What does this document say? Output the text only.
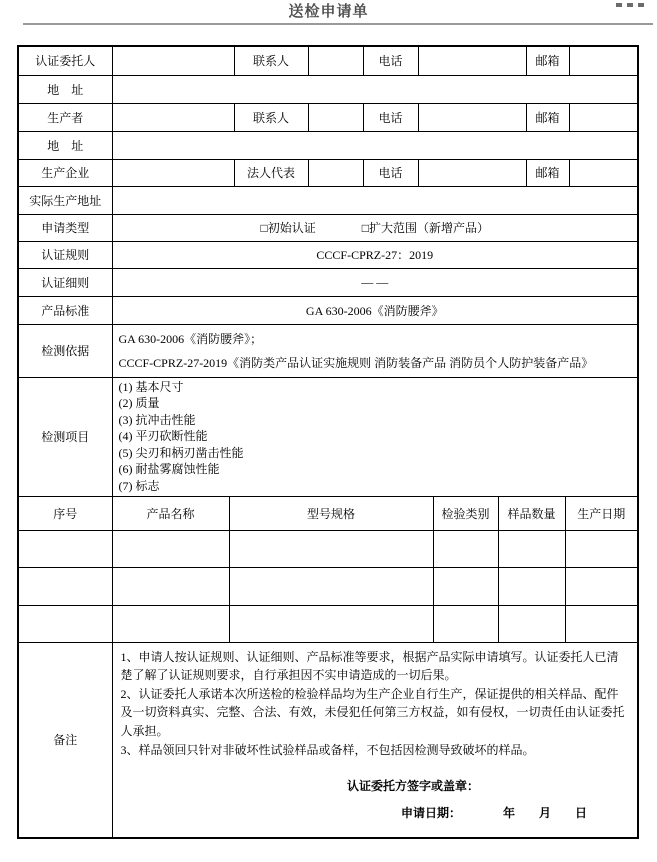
送检申请单
认证委托人			联系人		电话				邮箱		
地　址											
生产者			联系人		电话				邮箱		
地　址											
生产企业			法人代表		电话				邮箱		
实际生产地址											
申请类型	□初始认证 □扩大范围（新增产品）										

认证规则	CCCF-CPRZ-27：2019										
认证细则	— —										
产品标准	GA 630-2006《消防腰斧》										
检测依据	GA 630-2006《消防腰斧》；
CCCF-CPRZ-27-2019《消防类产品认证实施规则 消防装备产品 消防员个人防护装备产品》										

检测项目	
(1) 基本尺寸
(2) 质量
(3) 抗冲击性能
(4) 平刃砍断性能
(5) 尖刃和柄刃凿击性能
(6) 耐盐雾腐蚀性能
(7) 标志

序号	产品名称	型号规格					检验类别	样品数量		生产日期	

备注	1、申请人按认证规则、认证细则、产品标准等要求，根据产品实际申请填写。认证委托人已清楚了解了认证规则要求，自行承担因不实申请造成的一切后果。
2、认证委托人承诺本次所送检的检验样品均为生产企业自行生产，保证提供的相关样品、配件及一切资料真实、完整、合法、有效，未侵犯任何第三方权益，如有侵权，一切责任由认证委托人承担。
3、样品领回只针对非破坏性试验样品或备样，不包括因检测导致破坏的样品。
认证委托方签字或盖章：
申请日期：　　　　年　　月　　日										
